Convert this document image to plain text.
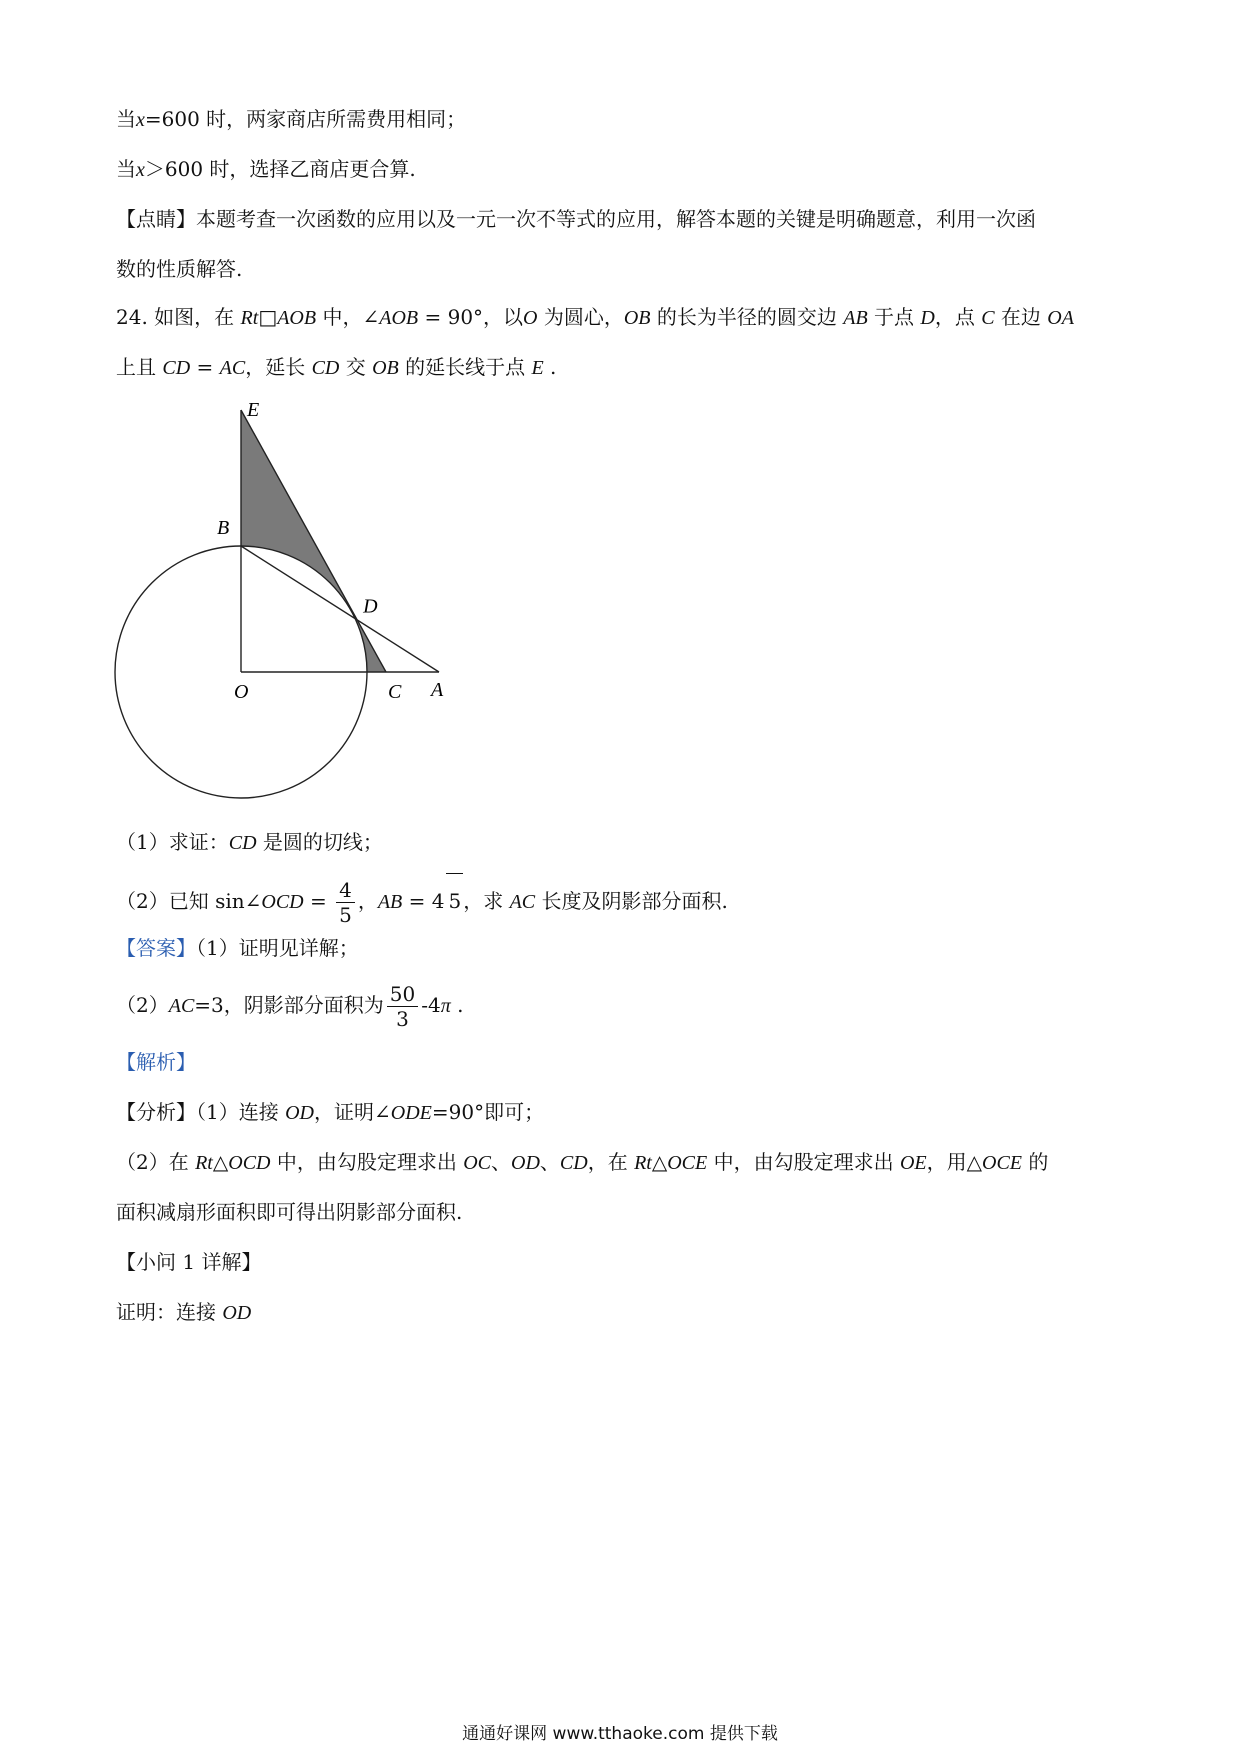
当x=600 时，两家商店所需费用相同；
当x＞600 时，选择乙商店更合算.
【点睛】本题考查一次函数的应用以及一元一次不等式的应用，解答本题的关键是明确题意，利用一次函
数的性质解答.
24. 如图，在 Rt□AOB 中，∠AOB = 90°，以O 为圆心，OB 的长为半径的圆交边 AB 于点 D，点 C 在边 OA
上且 CD = AC，延长 CD 交 OB 的延长线于点 E .
E
B
D
O	C A
（1）求证：CD 是圆的切线；
（2）已知 sin∠OCD = $\frac{4}{5}$ ，AB = 4 5 ，求 AC 长度及阴影部分面积.
【答案】（1）证明见详解；
（2）AC=3，阴影部分面积为 $\frac{50}{3} -4\pi$ .
【解析】
【分析】（1）连接 OD，证明∠ODE=90°即可；
（2）在 Rt△OCD 中，由勾股定理求出 OC、OD、CD，在 Rt△OCE 中，由勾股定理求出 OE，用△OCE 的
面积减扇形面积即可得出阴影部分面积.
【小问 1 详解】
证明：连接 OD
通通好课网 www.tthaoke.com 提供下载
